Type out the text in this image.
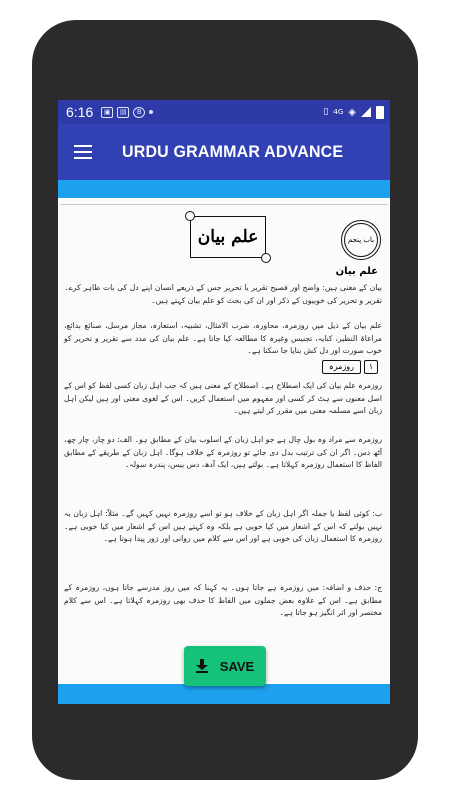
6:16	▣	▤	B	▯ 4G ◈
URDU GRAMMAR ADVANCE
باب پنجم
علم بیان
علم بیان

بیان کے معنی ہیں: واضح اور فصیح تقریر یا تحریر جس کے ذریعے انسان اپنے دل کی بات ظاہر کرے۔ تقریر و تحریر کی خوبیوں کے ذکر اور ان کی بحث کو علم بیان کہتے ہیں۔

علم بیان کے ذیل میں روزمرہ، محاورہ، ضرب الامثال، تشبیہ، استعارہ، مجاز مرسل، صنائع بدائع، مراعاۃ النظیر، کنایہ، تجنیس وغیرہ کا مطالعہ کیا جاتا ہے۔ علم بیان کی مدد سے تقریر و تحریر کو خوب صورت اور دل کش بنایا جا سکتا ہے۔

۱
روزمرہ

روزمرہ علم بیان کی ایک اصطلاح ہے۔ اصطلاح کے معنی ہیں کہ جب اہل زبان کسی لفظ کو اس کے اصل معنوں سے ہٹ کر کسی اور مفہوم میں استعمال کریں۔ اس کے لغوی معنی اور ہیں لیکن اہل زبان اسے مسلمہ معنی میں مقرر کر لیتے ہیں۔

روزمرہ سے مراد وہ بول چال ہے جو اہل زبان کے اسلوب بیان کے مطابق ہو۔ الف: دو چار، چار چھ، آٹھ دس۔ اگر ان کی ترتیب بدل دی جائے تو روزمرہ کے خلاف ہوگا۔ اہل زبان کے طریقے کے مطابق الفاظ کا استعمال روزمرہ کہلاتا ہے۔ بولتے ہیں، ایک آدھ، دس بیس، پندرہ سولہ۔

ب: کوئی لفظ یا جملہ اگر اہل زبان کے خلاف ہو تو اسے روزمرہ نہیں کہیں گے۔ مثلاً: اہل زبان یہ نہیں بولتے کہ اس کے اشعار میں کیا خوبی ہے بلکہ وہ کہتے ہیں اس کے اشعار میں کیا خوبی ہے۔ روزمرہ کا استعمال زبان کی خوبی ہے اور اس سے کلام میں روانی اور زور پیدا ہوتا ہے۔

ج: حذف و اضافہ: میں روزمرہ ہے جاتا ہوں۔ یہ کہنا کہ میں روز مدرسے جاتا ہوں، روزمرہ کے مطابق ہے۔ اس کے علاوہ بعض جملوں میں الفاظ کا حذف بھی روزمرہ کہلاتا ہے۔ اس سے کلام مختصر اور اثر انگیز ہو جاتا ہے۔

SAVE
